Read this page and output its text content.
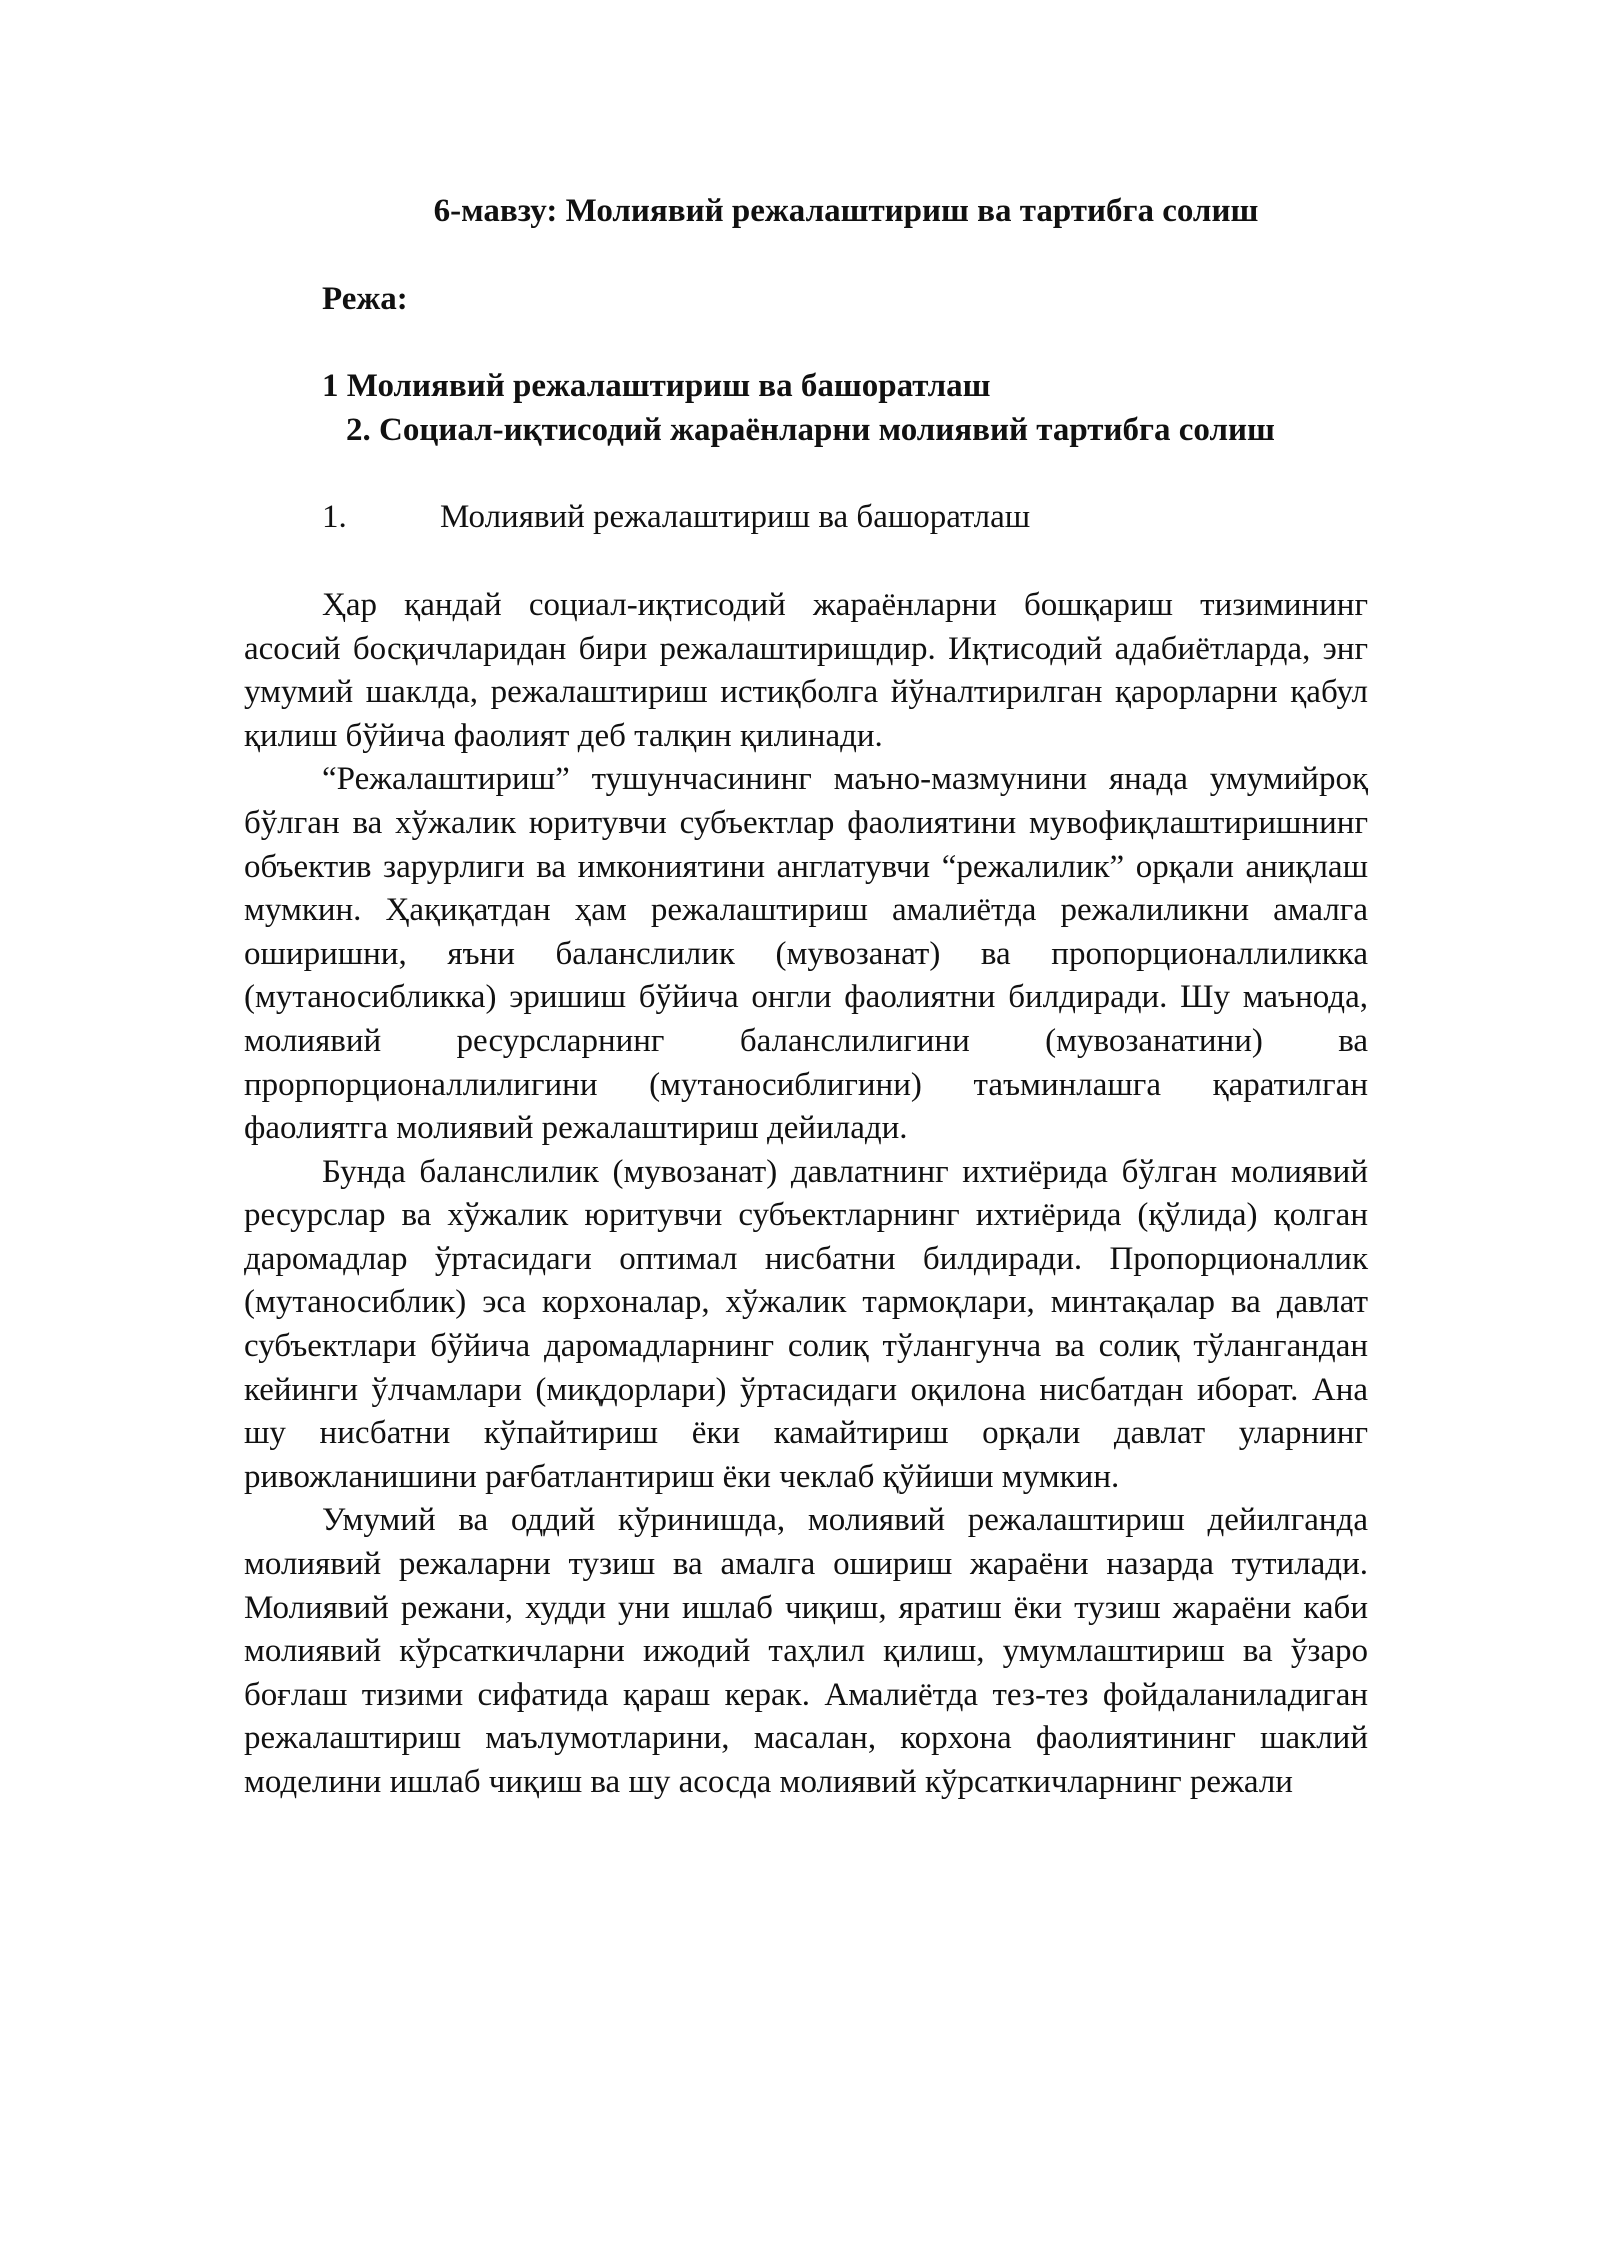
6-мавзу: Молиявий режалаштириш ва тартибга солиш
Режа:
1 Молиявий режалаштириш ва башоратлаш
2. Социал-иқтисодий жараёнларни молиявий тартибга солиш
1.	Молиявий режалаштириш ва башоратлаш

Ҳар қандай социал-иқтисодий жараёнларни бошқариш тизимининг асосий босқичларидан бири режалаштиришдир. Иқтисодий адабиётларда, энг умумий шаклда, режалаштириш истиқболга йўналтирилган қарорларни қабул қилиш бўйича фаолият деб талқин қилинади.

“Режалаштириш” тушунчасининг маъно-мазмунини янада умумийроқ бўлган ва хўжалик юритувчи субъектлар фаолиятини мувофиқлаштиришнинг объектив зарурлиги ва имкониятини англатувчи “режалилик” орқали аниқлаш мумкин. Ҳақиқатдан ҳам режалаштириш амалиётда режалиликни амалга оширишни, яъни баланслилик (мувозанат) ва пропорционаллиликка (мутаносибликка) эришиш бўйича онгли фаолиятни билдиради. Шу маънода, молиявий ресурсларнинг баланслилигини (мувозанатини) ва прорпорционаллилигини (мутаносиблигини) таъминлашга қаратилган фаолиятга молиявий режалаштириш дейилади.

Бунда баланслилик (мувозанат) давлатнинг ихтиёрида бўлган молиявий ресурслар ва хўжалик юритувчи субъектларнинг ихтиёрида (қўлида) қолган даромадлар ўртасидаги оптимал нисбатни билдиради. Пропорционаллик (мутаносиблик) эса корхоналар, хўжалик тармоқлари, минтақалар ва давлат субъектлари бўйича даромадларнинг солиқ тўлангунча ва солиқ тўлангандан кейинги ўлчамлари (миқдорлари) ўртасидаги оқилона нисбатдан иборат. Ана шу нисбатни кўпайтириш ёки камайтириш орқали давлат уларнинг ривожланишини рағбатлантириш ёки чеклаб қўйиши мумкин.

Умумий ва оддий кўринишда, молиявий режалаштириш дейилганда молиявий режаларни тузиш ва амалга ошириш жараёни назарда тутилади. Молиявий режани, худди уни ишлаб чиқиш, яратиш ёки тузиш жараёни каби молиявий кўрсаткичларни ижодий таҳлил қилиш, умумлаштириш ва ўзаро боғлаш тизими сифатида қараш керак. Амалиётда тез-тез фойдаланиладиган режалаштириш маълумотларини, масалан, корхона фаолиятининг шаклий моделини ишлаб чиқиш ва шу асосда молиявий кўрсаткичларнинг режали
